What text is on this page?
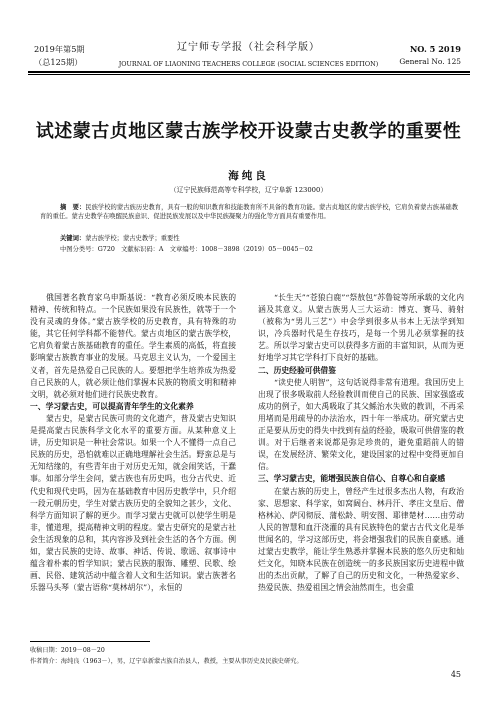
2019年第5期
（总125期）
辽宁师专学报（社会科学版）
JOURNAL OF LIAONING TEACHERS COLLEGE (SOCIAL SCIENCES EDITION)
NO. 5 2019
General No. 125
试述蒙古贞地区蒙古族学校开设蒙古史教学的重要性
海纯良
（辽宁民族师范高等专科学校，辽宁阜新 123000）
摘　要：民族学校的蒙古族历史教育，具有一般的知识教育和技能教育所不具备的教育功能。蒙古贞地区的蒙古族学校，它肩负着蒙古族基础教育的重任。蒙古史教学在唤醒民族意识、促进民族发展以及中华民族凝聚力的强化等方面具有重要作用。
关键词：蒙古族学校；蒙古史教学；重要性
中图分类号：G720　文献标识码：A　文章编号：1008－3898（2019）05－0045－02

俄国著名教育家乌申斯基说：“教育必须反映本民族的精神、传统和特点。一个民族如果没有民族性，就等于一个没有灵魂的身体。”蒙古族学校的历史教育，具有特殊的功能，其它任何学科都不能替代。蒙古贞地区的蒙古族学校，它肩负着蒙古族基础教育的重任。学生素质的高低，将直接影响蒙古族教育事业的发展。马克思主义认为，一个爱国主义者，首先是热爱自己民族的人。要想把学生培养成为热爱自己民族的人，就必须让他们掌握本民族的物质文明和精神文明，就必须对他们进行民族史教育。

一、学习蒙古史，可以提高青年学生的文化素养

蒙古史，是蒙古民族可贵的文化遗产，普及蒙古史知识是提高蒙古民族科学文化水平的重要方面。从某种意义上讲，历史知识是一种社会常识。如果一个人不懂得一点自己民族的历史，恐怕就难以正确地理解社会生活。野蛮总是与无知结缘的，有些青年由于对历史无知，就会闹笑话，干蠢事。如部分学生会问，蒙古族也有历史吗，也分古代史、近代史和现代史吗，因为在基础教育中因历史教学中，只介绍一段元朝历史，学生对蒙古族历史的全貌知之甚少，文化、科学方面知识了解的更少。而学习蒙古史就可以使学生明是非，懂道理，提高精神文明的程度。蒙古史研究的是蒙古社会生活现象的总和，其内容涉及到社会生活的各个方面。例如，蒙古民族的史诗、故事、神话、传说、歌谣、叙事诗中蕴含着朴素的哲学知识；蒙古民族的服饰、雕塑、民歌、绘画、民俗、建筑活动中蕴含着人文和生活知识。蒙古族著名乐器马头琴（蒙古语称“莫林胡尔”），永恒的

“长生天”“苍狼白鹿”“祭敖包”苏鲁锭等所承载的文化内涵及其意义。从蒙古族男人三大运动：博克、赛马、骑射（被称为“男儿三艺”）中会学到很多从书本上无法学到知识，冷兵器时代是生存技巧，是每一个男儿必须掌握的技艺。所以学习蒙古史可以获得多方面的丰富知识，从而为更好地学习其它学科打下良好的基础。

二、历史经验可供借鉴

“读史使人明智”，这句话说得非常有道理。我国历史上出现了很多吸取前人经验教训而使自己的民族、国家强盛或成功的例子，如大禹吸取了其父鲧治水失败的教训，不再采用堵而是用疏导的办法治水，四十年一举成功。研究蒙古史正是要从历史的得失中找到有益的经验，吸取可供借鉴的教训。对于后继者来说都是弥足珍贵的，避免重蹈前人的错误，在发展经济、繁荣文化，建设国家的过程中变得更加自信。

三、学习蒙古史，能增强民族自信心、自尊心和自豪感

在蒙古族的历史上，曾经产生过很多杰出人物，有政治家、思想家、科学家，如窝阔台、林丹汗、孝庄文皇后、僧格林沁、萨冈彻辰、蒲松龄、明安图、耶律楚材……由劳动人民的智慧和血汗浇灌的具有民族特色的蒙古古代文化是举世闻名的，学习这部历史，将会增强我们的民族自豪感。通过蒙古史教学，能让学生熟悉并掌握本民族的悠久历史和灿烂文化，知晓本民族在创造统一的多民族国家历史进程中做出的杰出贡献，了解了自己的历史和文化，一种热爱家乡、热爱民族、热爱祖国之情会油然而生，也会重

收稿日期：2019－08－20
作者简介：海纯良（1963－），男，辽宁阜新蒙古族自治县人，教授，主要从事历史及民族史研究。
45
